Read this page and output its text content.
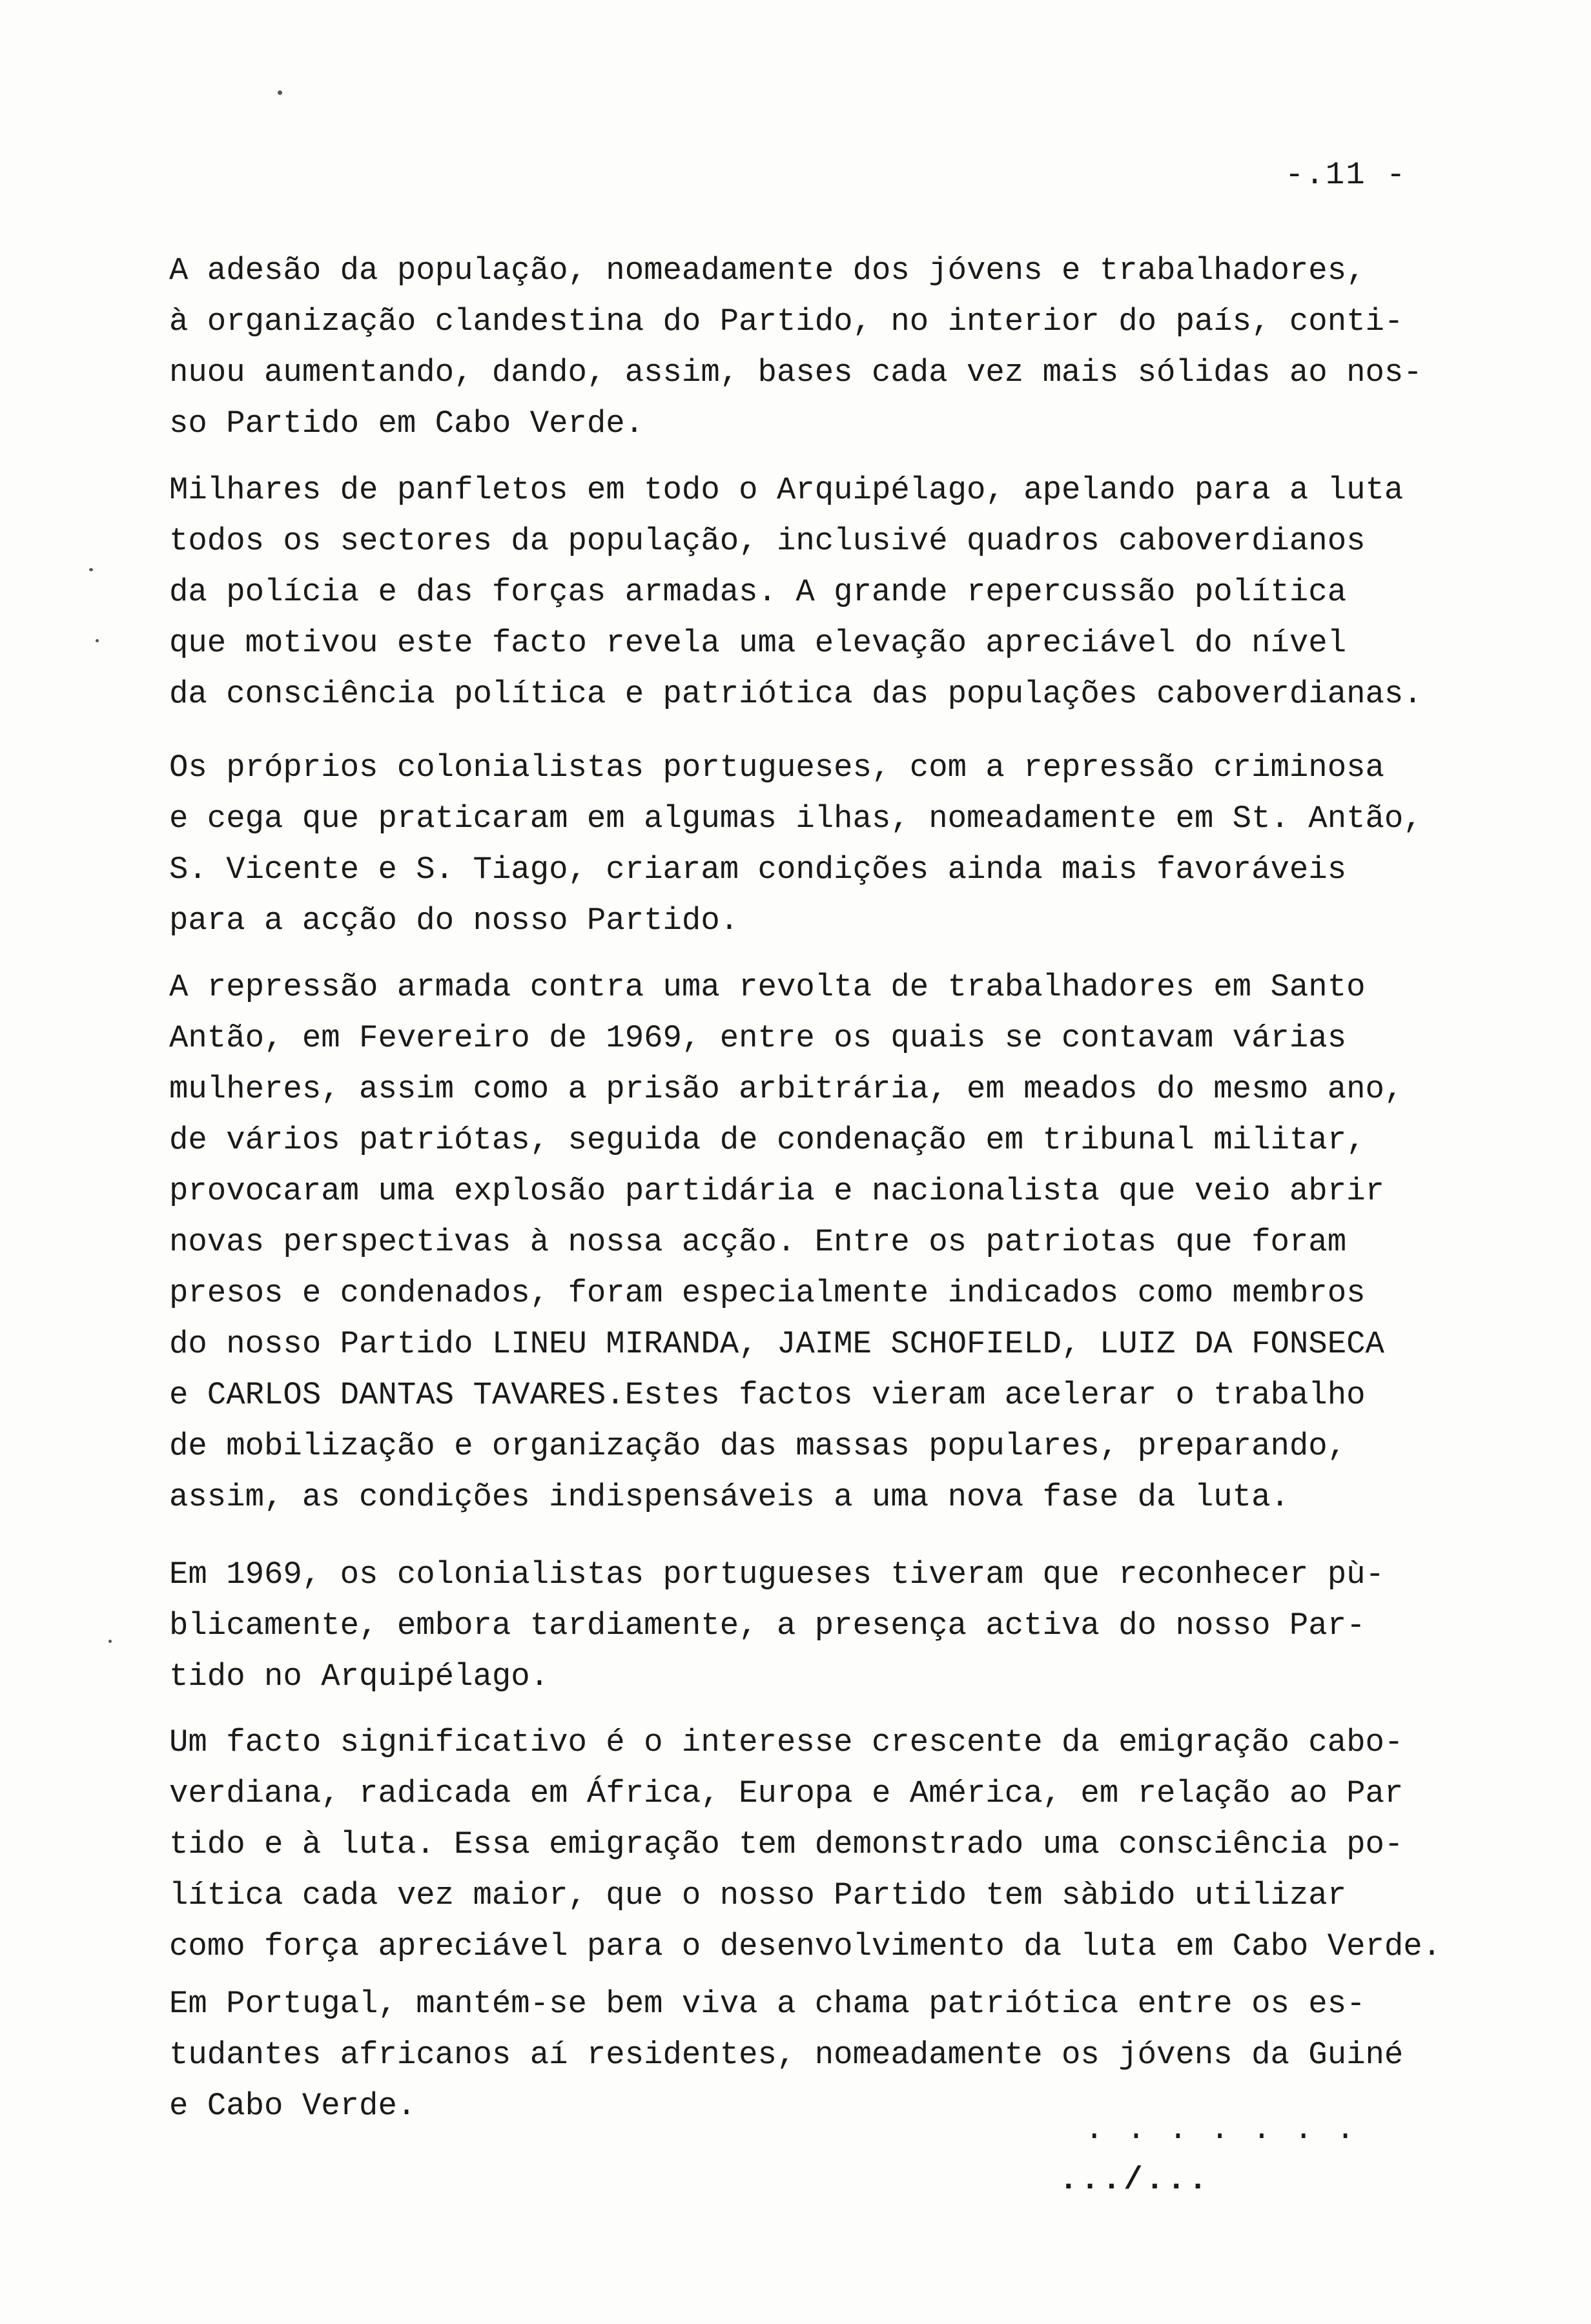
-.11 -
A adesão da população, nomeadamente dos jóvens e trabalhadores,
à organização clandestina do Partido, no interior do país, conti-
nuou aumentando, dando, assim, bases cada vez mais sólidas ao nos-
so Partido em Cabo Verde.
Milhares de panfletos em todo o Arquipélago, apelando para a luta
todos os sectores da população, inclusivé quadros caboverdianos
da polícia e das forças armadas. A grande repercussão política
que motivou este facto revela uma elevação apreciável do nível
da consciência política e patriótica das populações caboverdianas.
Os próprios colonialistas portugueses, com a repressão criminosa
e cega que praticaram em algumas ilhas, nomeadamente em St. Antão,
S. Vicente e S. Tiago, criaram condições ainda mais favoráveis
para a acção do nosso Partido.
A repressão armada contra uma revolta de trabalhadores em Santo
Antão, em Fevereiro de 1969, entre os quais se contavam várias
mulheres, assim como a prisão arbitrária, em meados do mesmo ano,
de vários patriótas, seguida de condenação em tribunal militar,
provocaram uma explosão partidária e nacionalista que veio abrir
novas perspectivas à nossa acção. Entre os patriotas que foram
presos e condenados, foram especialmente indicados como membros
do nosso Partido LINEU MIRANDA, JAIME SCHOFIELD, LUIZ DA FONSECA
e CARLOS DANTAS TAVARES.Estes factos vieram acelerar o trabalho
de mobilização e organização das massas populares, preparando,
assim, as condições indispensáveis a uma nova fase da luta.
Em 1969, os colonialistas portugueses tiveram que reconhecer pù-
blicamente, embora tardiamente, a presença activa do nosso Par-
tido no Arquipélago.
Um facto significativo é o interesse crescente da emigração cabo-
verdiana, radicada em África, Europa e América, em relação ao Par
tido e à luta. Essa emigração tem demonstrado uma consciência po-
lítica cada vez maior, que o nosso Partido tem sàbido utilizar
como força apreciável para o desenvolvimento da luta em Cabo Verde.
Em Portugal, mantém-se bem viva a chama patriótica entre os es-
tudantes africanos aí residentes, nomeadamente os jóvens da Guiné
e Cabo Verde.
. . . . . . .
.../...
